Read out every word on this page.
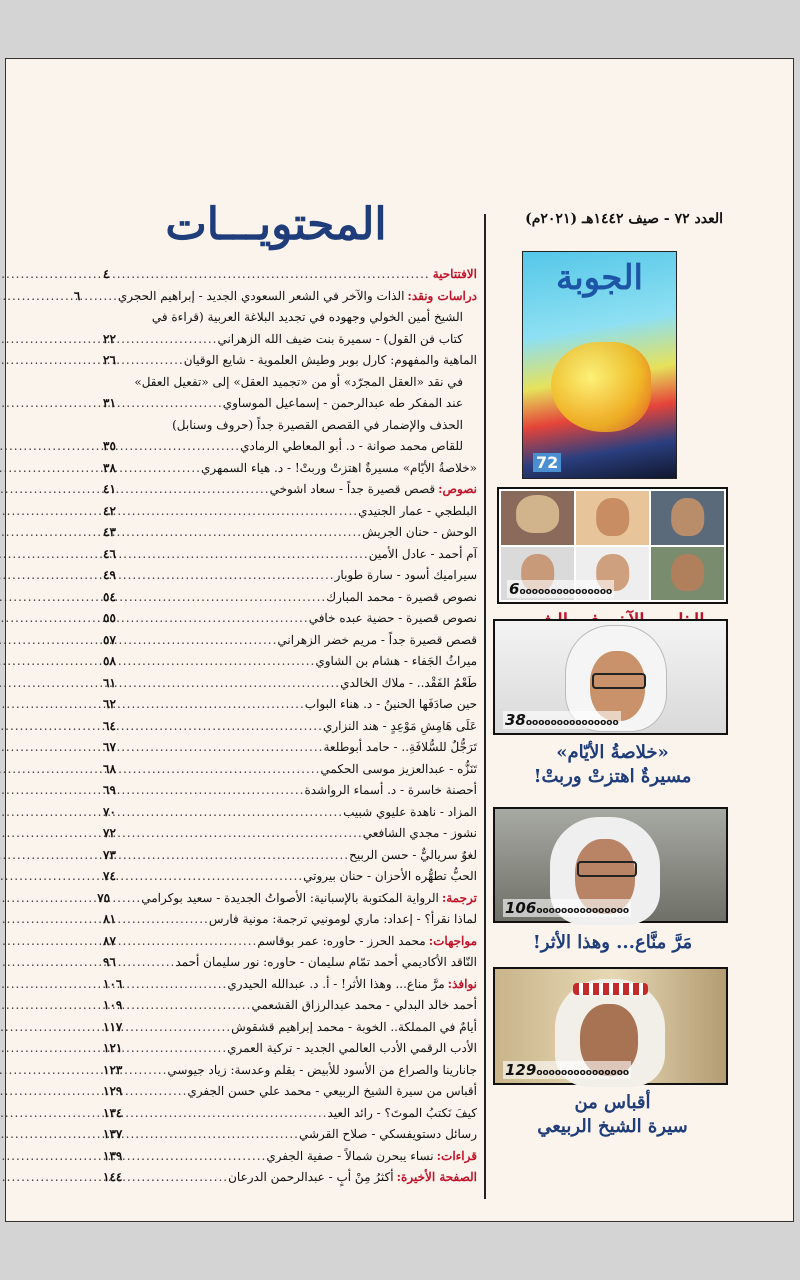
المحتويـــات
الافتتاحية
.....
٤
دراسات ونقد:
الذات والآخر في الشعر السعودي الجديد - إبراهيم الحجري
.....
٦
الشيخ أمين الخولي وجهوده في تجديد البلاغة العربية (قراءة في
كتاب فن القول) - سميرة بنت ضيف الله الزهراني
.....
٢٢
الماهية والمفهوم: كارل بوبر وطيش العلموية - شايع الوقيان
.....
٢٦
في نقد «العقل المجرّد» أو من «تجميد العقل» إلى «تفعيل العقل»
عند المفكر طه عبدالرحمن - إسماعيل الموساوي
.....
٣١
الحذف والإضمار في القصص القصيرة جداً (حروف وسنابل)
للقاص محمد صوانة - د. أبو المعاطي الرمادي
.....
٣٥
«خلاصةُ الأيّام» مسيرةٌ اهتزتْ وربتْ! - د. هياء السمهري
.....
٣٨
نصوص:
قصص قصيرة جداً - سعاد اشوخي
.....
٤١
البلطجي - عمار الجنيدي
.....
٤٢
الوحش - حنان الجريش
.....
٤٣
آم أحمد - عادل الأمين
.....
٤٦
سيراميك أسود - سارة طوبار
.....
٤٩
نصوص قصيرة - محمد المبارك
.....
٥٤
نصوص قصيرة - حضية عبده خافي
.....
٥٥
قصص قصيرة جداً - مريم خضر الزهراني
.....
٥٧
ميراثُ الجَفاء - هشام بن الشاوي
.....
٥٨
طَعْمُ الفَقْد.. - ملاك الخالدي
.....
٦١
حين صادَفَها الحنينُ - د. هناء البواب
.....
٦٢
عَلَى هَامِشِ مَوْعِدٍ - هند النزاري
.....
٦٤
تَرَجُّلٌ للسُّلافَةِ.. - حامد أبوطلعة
.....
٦٧
تَنَزُّه - عبدالعزيز موسى الحكمي
.....
٦٨
أحصنة خاسرة - د. أسماء الرواشدة
.....
٦٩
المزاد - ناهدة عليوي شبيب
.....
٧٠
نشوز - مجدي الشافعي
.....
٧٢
لغوٌ سرياليٌّ - حسن الربيح
.....
٧٣
الحبُّ تطهُّره الأحزان - حنان بيروتي
.....
٧٤
ترجمة:
الرواية المكتوبة بالإسبانية: الأصواتُ الجديدة - سعيد بوكرامي
.....
٧٥
لماذا نقرأ؟ - إعداد: ماري لومونيي ترجمة: مونية فارس
.....
٨١
مواجهات:
محمد الحرز - حاوره: عمر بوقاسم
.....
٨٧
النّاقد الأكاديمي أحمد تمّام سليمان - حاوره: نور سليمان أحمد
.....
٩٦
نوافذ:
مرَّ مناع... وهذا الأثر! - أ. د. عبدالله الحيدري
.....
١٠٦
أحمد خالد البدلي - محمد عبدالرزاق القشعمي
.....
١٠٩
أيامٌ في المملكة.. الخوبة - محمد إبراهيم قشقوش
.....
١١٧
الأدب الرقمي الأدب العالمي الجديد - تركية العمري
.....
١٢١
جانارينا والصراع من الأسود للأبيض - بقلم وعدسة: زياد جيوسي
.....
١٢٣
أقباس من سيرة الشيخ الربيعي - محمد علي حسن الجفري
.....
١٢٩
كيفَ نَكتبُ الموتَ؟ - رائد العيد
.....
١٣٤
رسائل دستويفسكي - صلاح القرشي
.....
١٣٧
قراءات:
نساء يبحرن شمالاً - صفية الجفري
.....
١٣٩
الصفحة الأخيرة:
أكثرُ مِنْ أبٍ - عبدالرحمن الدرعان
.....
١٤٤
العدد ٧٢ - صيف ١٤٤٢هـ (٢٠٢١م)
الجوبة
72
6 ooooooooooooooo
38 ooooooooooooooo
«خلاصةُ الأيّام»
مسيرةٌ اهتزتْ وربتْ!
106 ooooooooooooooo
مَرَّ منَّاع... وهذا الأثر!
129 ooooooooooooooo
أقباس من
سيرة الشيخ الربيعي
